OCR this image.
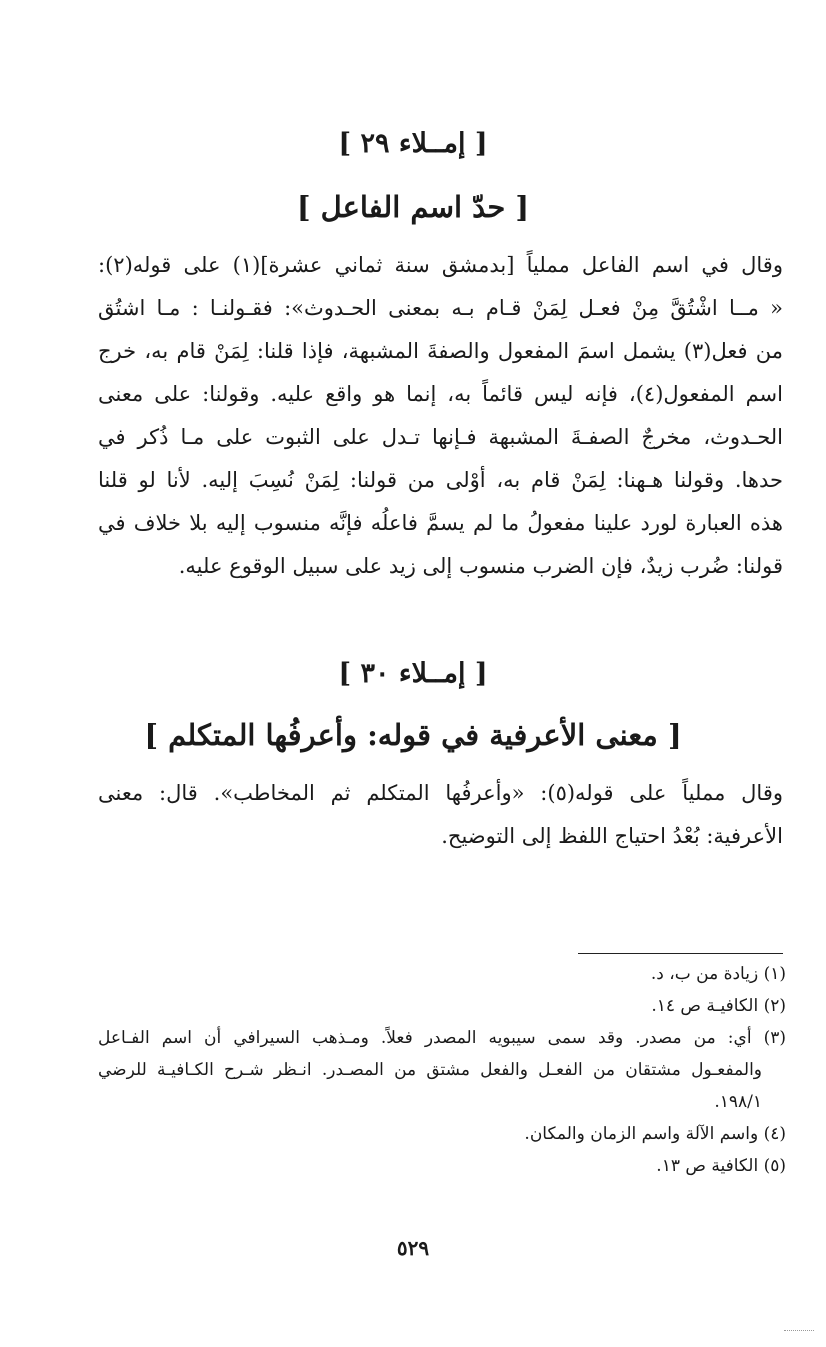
[ إمــلاء ٢٩ ]
[ حدّ اسم الفاعل ]
وقال في اسم الفاعل مملياً [بدمشق سنة ثماني عشرة](١) على قوله(٢):
« مــا اشْتُقَّ مِنْ فعـل لِمَنْ قـام بـه بمعنى الحـدوث»: فقـولنـا : مـا اشتُق
من فعل(٣) يشمل اسمَ المفعول والصفةَ المشبهة، فإذا قلنا: لِمَنْ قام به، خرج
اسم المفعول(٤)، فإنه ليس قائماً به، إنما هو واقع عليه. وقولنا: على معنى
الحـدوث، مخرجٌ الصفـةَ المشبهة فـإنها تـدل على الثبوت على مـا ذُكر في
حدها. وقولنا هـهنا: لِمَنْ قام به، أوْلى من قولنا: لِمَنْ نُسِبَ إليه. لأنا لو قلنا
هذه العبارة لورد علينا مفعولُ ما لم يسمَّ فاعلُه فإنَّه منسوب إليه بلا خلاف في
قولنا: ضُرب زيدٌ، فإن الضرب منسوب إلى زيد على سبيل الوقوع عليه.
[ إمــلاء ٣٠ ]
[ معنى الأعرفية في قوله: وأعرفُها المتكلم ]
وقال مملياً على قوله(٥): «وأعرفُها المتكلم ثم المخاطب». قال: معنى
الأعرفية: بُعْدُ احتياج اللفظ إلى التوضيح.
(١) زيادة من ب، د.
(٢) الكافيـة ص ١٤.
(٣) أي: من مصدر. وقد سمى سيبويه المصدر فعلاً. ومـذهب السيرافي أن اسم الفـاعل
والمفعـول مشتقان من الفعـل والفعل مشتق من المصـدر. انـظر شـرح الكـافيـة للرضي
١٩٨/١.
(٤) واسم الآلة واسم الزمان والمكان.
(٥) الكافية ص ١٣.
٥٢٩
